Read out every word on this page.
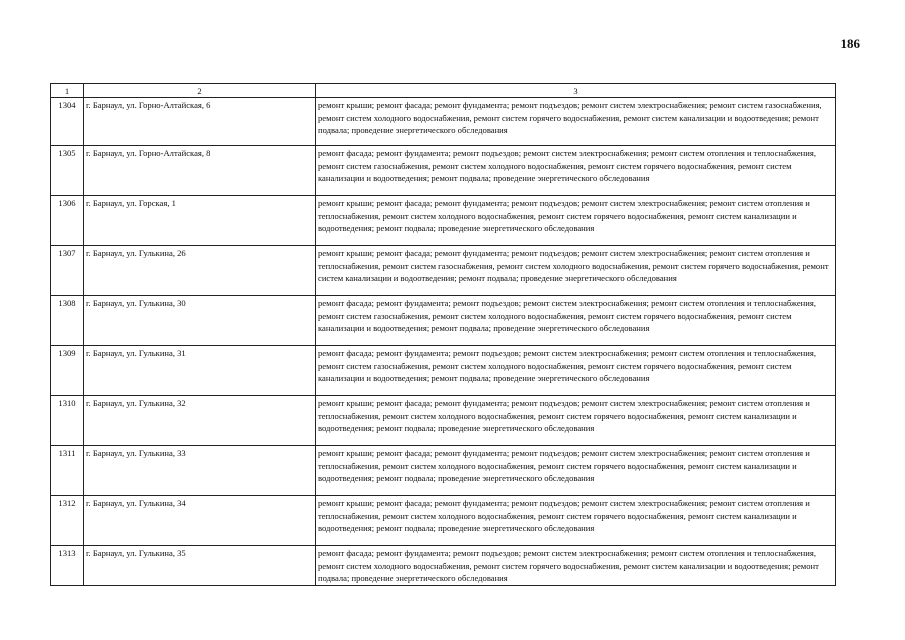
186
1	2	3
1304	г. Барнаул, ул. Горно-Алтайская, 6	ремонт крыши; ремонт фасада; ремонт фундамента; ремонт подъездов; ремонт систем электроснабжения; ремонт систем газоснабжения, ремонт систем холодного водоснабжения, ремонт систем горячего водоснабжения, ремонт систем канализации и водоотведения; ремонт подвала; проведение энергетического обследования
1305	г. Барнаул, ул. Горно-Алтайская, 8	ремонт фасада; ремонт фундамента; ремонт подъездов; ремонт систем электроснабжения; ремонт систем отопления и теплоснабжения, ремонт систем газоснабжения, ремонт систем холодного водоснабжения, ремонт систем горячего водоснабжения, ремонт систем канализации и водоотведения; ремонт подвала; проведение энергетического обследования
1306	г. Барнаул, ул. Горская, 1	ремонт крыши; ремонт фасада; ремонт фундамента; ремонт подъездов; ремонт систем электроснабжения; ремонт систем отопления и теплоснабжения, ремонт систем холодного водоснабжения, ремонт систем горячего водоснабжения, ремонт систем канализации и водоотведения; ремонт подвала; проведение энергетического обследования
1307	г. Барнаул, ул. Гулькина, 26	ремонт крыши; ремонт фасада; ремонт фундамента; ремонт подъездов; ремонт систем электроснабжения; ремонт систем отопления и теплоснабжения, ремонт систем газоснабжения, ремонт систем холодного водоснабжения, ремонт систем горячего водоснабжения, ремонт систем канализации и водоотведения; ремонт подвала; проведение энергетического обследования
1308	г. Барнаул, ул. Гулькина, 30	ремонт фасада; ремонт фундамента; ремонт подъездов; ремонт систем электроснабжения; ремонт систем отопления и теплоснабжения, ремонт систем газоснабжения, ремонт систем холодного водоснабжения, ремонт систем горячего водоснабжения, ремонт систем канализации и водоотведения; ремонт подвала; проведение энергетического обследования
1309	г. Барнаул, ул. Гулькина, 31	ремонт фасада; ремонт фундамента; ремонт подъездов; ремонт систем электроснабжения; ремонт систем отопления и теплоснабжения, ремонт систем газоснабжения, ремонт систем холодного водоснабжения, ремонт систем горячего водоснабжения, ремонт систем канализации и водоотведения; ремонт подвала; проведение энергетического обследования
1310	г. Барнаул, ул. Гулькина, 32	ремонт крыши; ремонт фасада; ремонт фундамента; ремонт подъездов; ремонт систем электроснабжения; ремонт систем отопления и теплоснабжения, ремонт систем холодного водоснабжения, ремонт систем горячего водоснабжения, ремонт систем канализации и водоотведения; ремонт подвала; проведение энергетического обследования
1311	г. Барнаул, ул. Гулькина, 33	ремонт крыши; ремонт фасада; ремонт фундамента; ремонт подъездов; ремонт систем электроснабжения; ремонт систем отопления и теплоснабжения, ремонт систем холодного водоснабжения, ремонт систем горячего водоснабжения, ремонт систем канализации и водоотведения; ремонт подвала; проведение энергетического обследования
1312	г. Барнаул, ул. Гулькина, 34	ремонт крыши; ремонт фасада; ремонт фундамента; ремонт подъездов; ремонт систем электроснабжения; ремонт систем отопления и теплоснабжения, ремонт систем холодного водоснабжения, ремонт систем горячего водоснабжения, ремонт систем канализации и водоотведения; ремонт подвала; проведение энергетического обследования
1313	г. Барнаул, ул. Гулькина, 35	ремонт фасада; ремонт фундамента; ремонт подъездов; ремонт систем электроснабжения; ремонт систем отопления и теплоснабжения, ремонт систем холодного водоснабжения, ремонт систем горячего водоснабжения, ремонт систем канализации и водоотведения; ремонт подвала; проведение энергетического обследования
